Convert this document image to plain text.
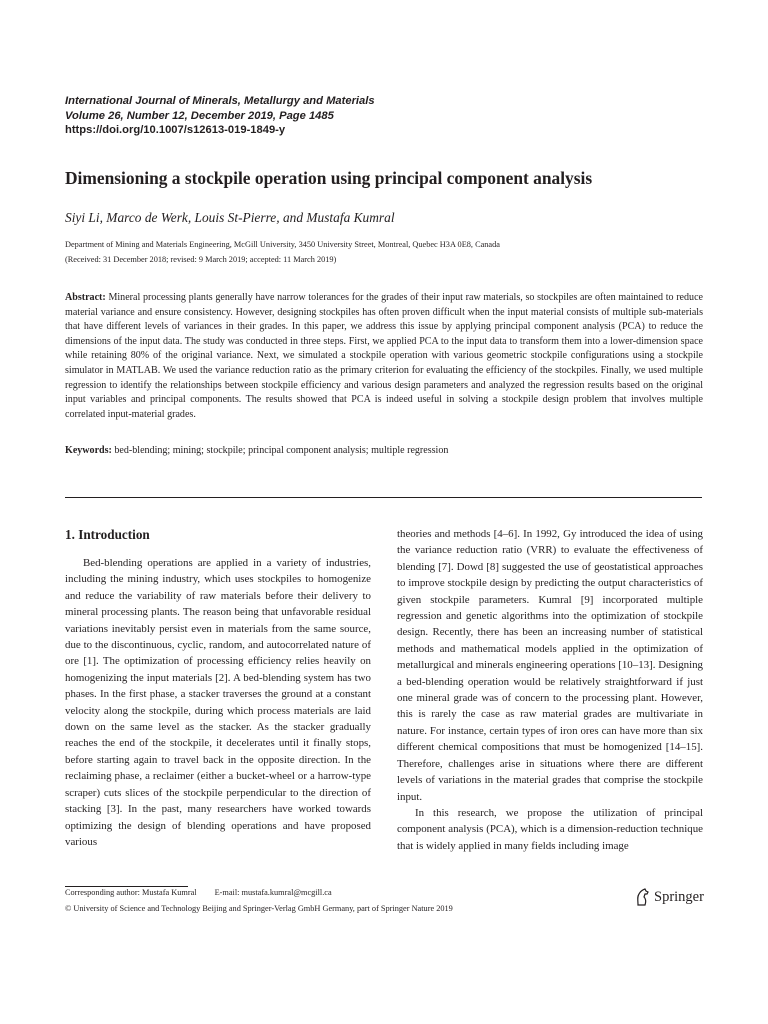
International Journal of Minerals, Metallurgy and Materials
Volume 26, Number 12, December 2019, Page 1485
https://doi.org/10.1007/s12613-019-1849-y
Dimensioning a stockpile operation using principal component analysis
Siyi Li, Marco de Werk, Louis St-Pierre, and Mustafa Kumral
Department of Mining and Materials Engineering, McGill University, 3450 University Street, Montreal, Quebec H3A 0E8, Canada
(Received: 31 December 2018; revised: 9 March 2019; accepted: 11 March 2019)
Abstract: Mineral processing plants generally have narrow tolerances for the grades of their input raw materials, so stockpiles are often maintained to reduce material variance and ensure consistency. However, designing stockpiles has often proven difficult when the input material consists of multiple sub-materials that have different levels of variances in their grades. In this paper, we address this issue by applying principal component analysis (PCA) to reduce the dimensions of the input data. The study was conducted in three steps. First, we applied PCA to the input data to transform them into a lower-dimension space while retaining 80% of the original variance. Next, we simulated a stockpile operation with various geometric stockpile configurations using a stockpile simulator in MATLAB. We used the variance reduction ratio as the primary criterion for evaluating the efficiency of the stockpiles. Finally, we used multiple regression to identify the relationships between stockpile efficiency and various design parameters and analyzed the regression results based on the original input variables and principal components. The results showed that PCA is indeed useful in solving a stockpile design problem that involves multiple correlated input-material grades.
Keywords: bed-blending; mining; stockpile; principal component analysis; multiple regression
1. Introduction

Bed-blending operations are applied in a variety of industries, including the mining industry, which uses stockpiles to homogenize and reduce the variability of raw materials before their delivery to mineral processing plants. The reason being that unfavorable residual variations inevitably persist even in materials from the same source, due to the discontinuous, cyclic, random, and autocorrelated nature of ore [1]. The optimization of processing efficiency relies heavily on homogenizing the input materials [2]. A bed-blending system has two phases. In the first phase, a stacker traverses the ground at a constant velocity along the stockpile, during which process materials are laid down on the same level as the stacker. As the stacker gradually reaches the end of the stockpile, it decelerates until it finally stops, before starting again to travel back in the opposite direction. In the reclaiming phase, a reclaimer (either a bucket-wheel or a harrow-type scraper) cuts slices of the stockpile perpendicular to the direction of stacking [3]. In the past, many researchers have worked towards optimizing the design of blending operations and have proposed various

theories and methods [4–6]. In 1992, Gy introduced the idea of using the variance reduction ratio (VRR) to evaluate the effectiveness of blending [7]. Dowd [8] suggested the use of geostatistical approaches to improve stockpile design by predicting the output characteristics of given stockpile parameters. Kumral [9] incorporated multiple regression and genetic algorithms into the optimization of stockpile design. Recently, there has been an increasing number of statistical methods and mathematical models applied in the optimization of metallurgical and minerals engineering operations [10–13]. Designing a bed-blending operation would be relatively straightforward if just one mineral grade was of concern to the processing plant. However, this is rarely the case as raw material grades are multivariate in nature. For instance, certain types of iron ores can have more than six different chemical compositions that must be homogenized [14–15]. Therefore, challenges arise in situations where there are different levels of variations in the material grades that comprise the stockpile input.

In this research, we propose the utilization of principal component analysis (PCA), which is a dimension-reduction technique that is widely applied in many fields including image

Corresponding author: Mustafa Kumral E-mail: mustafa.kumral@mcgill.ca
© University of Science and Technology Beijing and Springer-Verlag GmbH Germany, part of Springer Nature 2019
Springer
